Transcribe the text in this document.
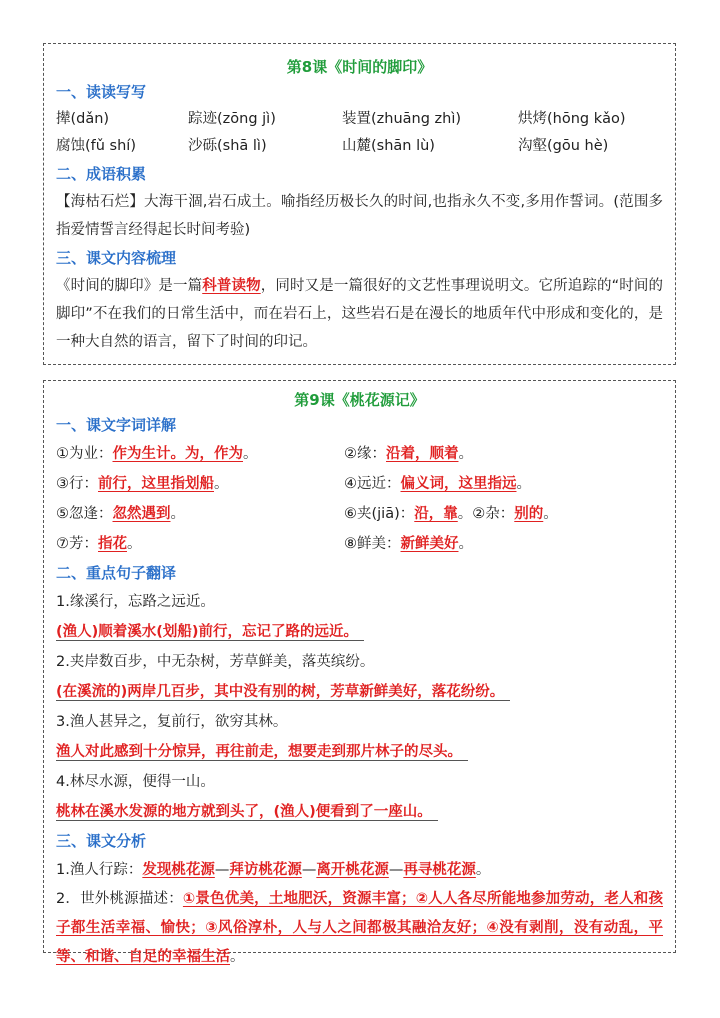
第8课《时间的脚印》
一、读读写写
撵(dǎn)	踪迹(zōng jì)	装置(zhuāng zhì)	烘烤(hōng kǎo)
腐蚀(fǔ shí)	沙砾(shā lì)	山麓(shān lù)	沟壑(gōu hè)
二、成语积累
【海枯石烂】大海干涸,岩石成土。喻指经历极长久的时间,也指永久不变,多用作誓词。(范围多指爱情誓言经得起长时间考验)
三、课文内容梳理
《时间的脚印》是一篇科普读物，同时又是一篇很好的文艺性事理说明文。它所追踪的“时间的脚印”不在我们的日常生活中，而在岩石上，这些岩石是在漫长的地质年代中形成和变化的，是一种大自然的语言，留下了时间的印记。
第9课《桃花源记》
一、课文字词详解
①为业：作为生计。为，作为。	②缘：沿着，顺着。
③行：前行，这里指划船。	④远近：偏义词，这里指远。
⑤忽逢：忽然遇到。	⑥夹(jiā)：沿，靠。②杂：别的。
⑦芳：指花。	⑧鲜美：新鲜美好。
二、重点句子翻译
1.缘溪行，忘路之远近。
(渔人)顺着溪水(划船)前行，忘记了路的远近。
2.夹岸数百步，中无杂树，芳草鲜美，落英缤纷。
(在溪流的)两岸几百步，其中没有别的树，芳草新鲜美好，落花纷纷。
3.渔人甚异之，复前行，欲穷其林。
渔人对此感到十分惊异，再往前走，想要走到那片林子的尽头。
4.林尽水源，便得一山。
桃林在溪水发源的地方就到头了，(渔人)便看到了一座山。
三、课文分析
1.渔人行踪：发现桃花源—拜访桃花源—离开桃花源—再寻桃花源。
2．世外桃源描述：①景色优美，土地肥沃，资源丰富；②人人各尽所能地参加劳动，老人和孩子都生活幸福、愉快；③风俗淳朴，人与人之间都极其融洽友好；④没有剥削，没有动乱，平等、和谐、自足的幸福生活。
